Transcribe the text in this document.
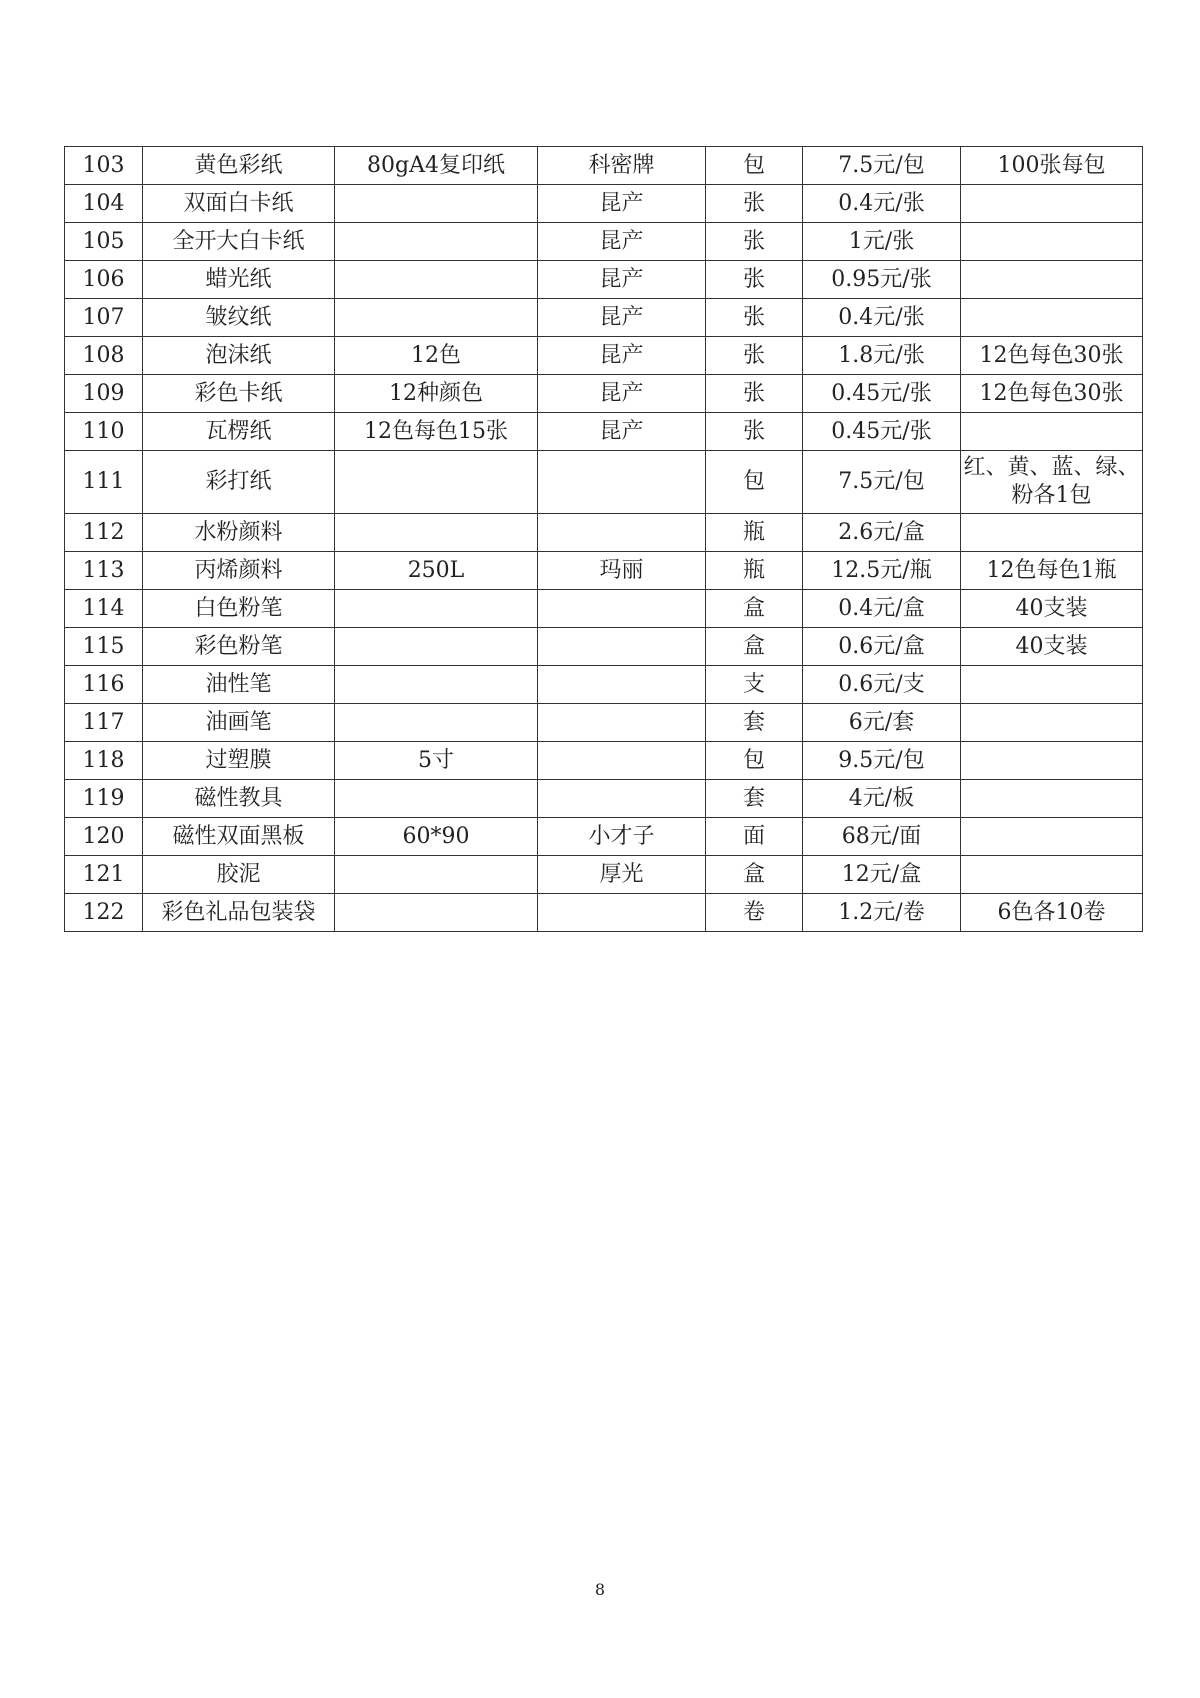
103	黄色彩纸	80gA4复印纸	科密牌	包	7.5元/包	100张每包
104	双面白卡纸		昆产	张	0.4元/张	
105	全开大白卡纸		昆产	张	1元/张	
106	蜡光纸		昆产	张	0.95元/张	
107	皱纹纸		昆产	张	0.4元/张	
108	泡沫纸	12色	昆产	张	1.8元/张	12色每色30张
109	彩色卡纸	12种颜色	昆产	张	0.45元/张	12色每色30张
110	瓦楞纸	12色每色15张	昆产	张	0.45元/张	
111	彩打纸			包	7.5元/包	红、黄、蓝、绿、粉各1包
112	水粉颜料			瓶	2.6元/盒	
113	丙烯颜料	250L	玛丽	瓶	12.5元/瓶	12色每色1瓶
114	白色粉笔			盒	0.4元/盒	40支装
115	彩色粉笔			盒	0.6元/盒	40支装
116	油性笔			支	0.6元/支	
117	油画笔			套	6元/套	
118	过塑膜	5寸		包	9.5元/包	
119	磁性教具			套	4元/板	
120	磁性双面黑板	60*90	小才子	面	68元/面	
121	胶泥		厚光	盒	12元/盒	
122	彩色礼品包装袋			卷	1.2元/卷	6色各10卷
8
